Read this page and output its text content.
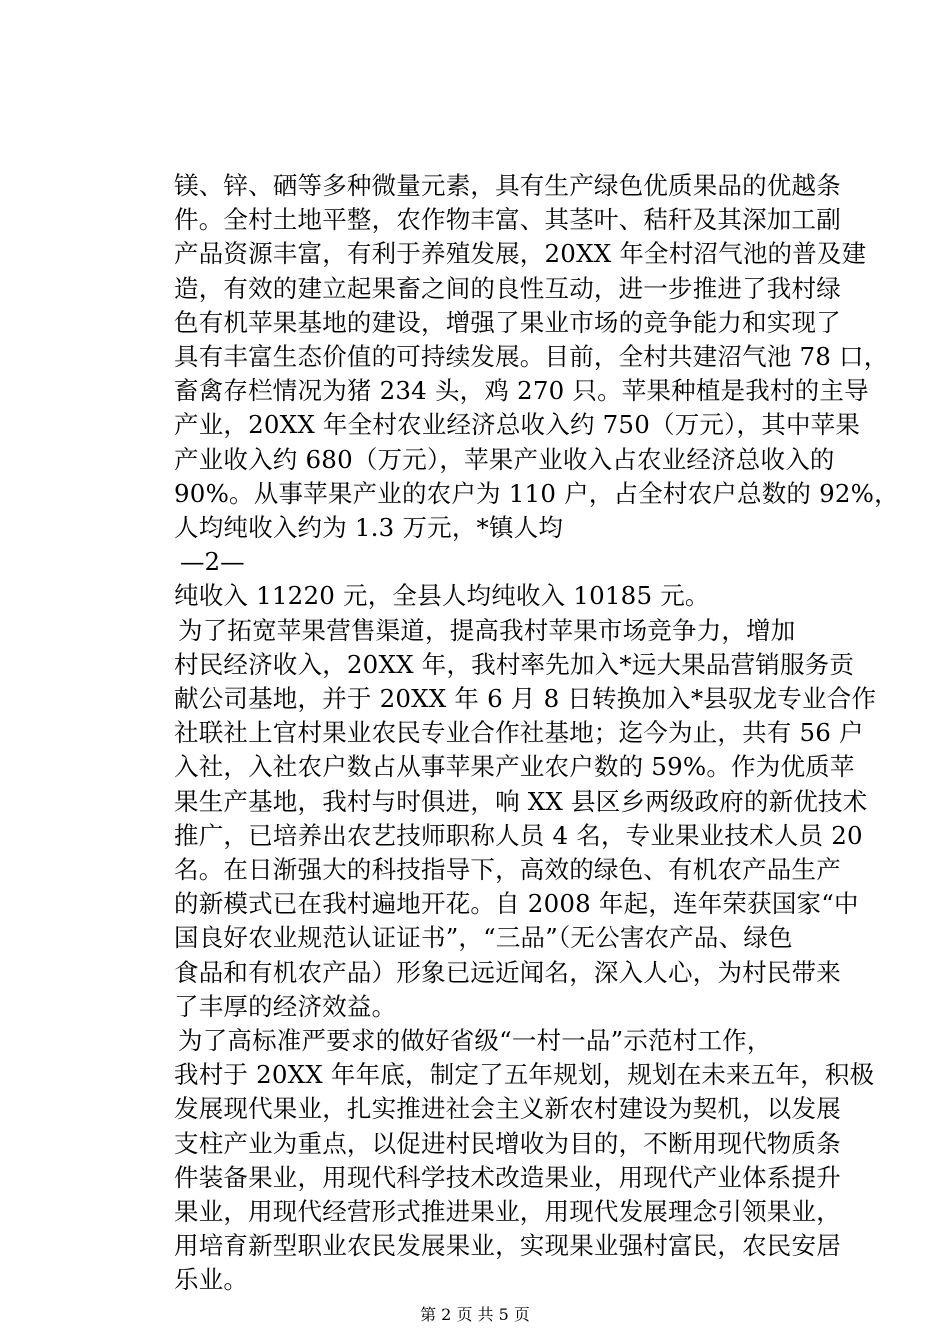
镁、锌、硒等多种微量元素，具有生产绿色优质果品的优越条
件。全村土地平整，农作物丰富、其茎叶、秸秆及其深加工副
产品资源丰富，有利于养殖发展，20XX 年全村沼气池的普及建
造，有效的建立起果畜之间的良性互动，进一步推进了我村绿
色有机苹果基地的建设，增强了果业市场的竞争能力和实现了
具有丰富生态价值的可持续发展。目前，全村共建沼气池 78 口，
畜禽存栏情况为猪 234 头，鸡 270 只。苹果种植是我村的主导
产业，20XX 年全村农业经济总收入约 750（万元），其中苹果
产业收入约 680（万元），苹果产业收入占农业经济总收入的
90%。从事苹果产业的农户为 110 户，占全村农户总数的 92%，
人均纯收入约为 1.3 万元，*镇人均
—2—
纯收入 11220 元，全县人均纯收入 10185 元。
为了拓宽苹果营售渠道，提高我村苹果市场竞争力，增加
村民经济收入，20XX 年，我村率先加入*远大果品营销服务贡
献公司基地，并于 20XX 年 6 月 8 日转换加入*县驭龙专业合作
社联社上官村果业农民专业合作社基地；迄今为止，共有 56 户
入社，入社农户数占从事苹果产业农户数的 59%。作为优质苹
果生产基地，我村与时俱进，响 XX 县区乡两级政府的新优技术
推广，已培养出农艺技师职称人员 4 名，专业果业技术人员 20
名。在日渐强大的科技指导下，高效的绿色、有机农产品生产
的新模式已在我村遍地开花。自 2008 年起，连年荣获国家“中
国良好农业规范认证证书”，“三品”（无公害农产品、绿色
食品和有机农产品）形象已远近闻名，深入人心，为村民带来
了丰厚的经济效益。
为了高标准严要求的做好省级“一村一品”示范村工作，
我村于 20XX 年年底，制定了五年规划，规划在未来五年，积极
发展现代果业，扎实推进社会主义新农村建设为契机，以发展
支柱产业为重点，以促进村民增收为目的，不断用现代物质条
件装备果业，用现代科学技术改造果业，用现代产业体系提升
果业，用现代经营形式推进果业，用现代发展理念引领果业，
用培育新型职业农民发展果业，实现果业强村富民，农民安居
乐业。
第 2 页 共 5 页
